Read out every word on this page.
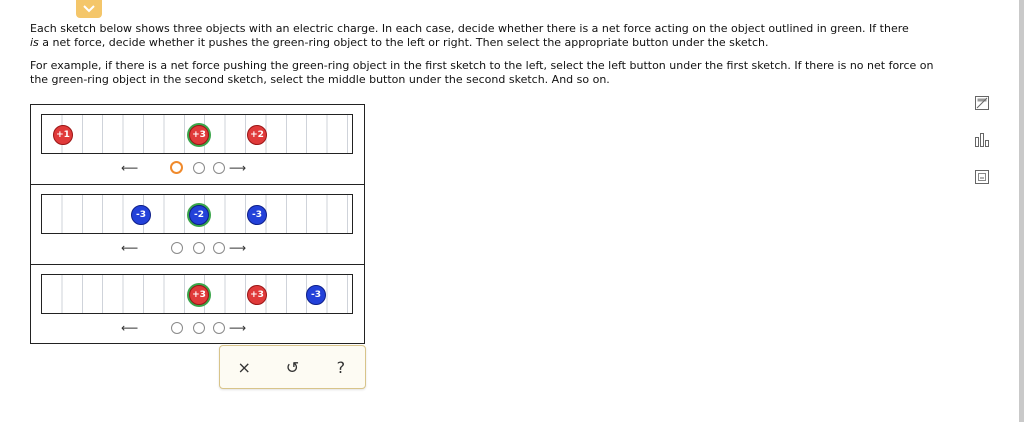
Each sketch below shows three objects with an electric charge. In each case, decide whether there is a net force acting on the object outlined in green. If there
is a net force, decide whether it pushes the green-ring object to the left or right. Then select the appropriate button under the sketch.

For example, if there is a net force pushing the green-ring object in the first sketch to the left, select the left button under the first sketch. If there is no net force on the green-ring object in the second sketch, select the middle button under the second sketch. And so on.

+1	+3	+2
⟵	⟶
-3	-2	-3
⟵	⟶
+3	+3	-3
⟵	⟶
×	↺	?
